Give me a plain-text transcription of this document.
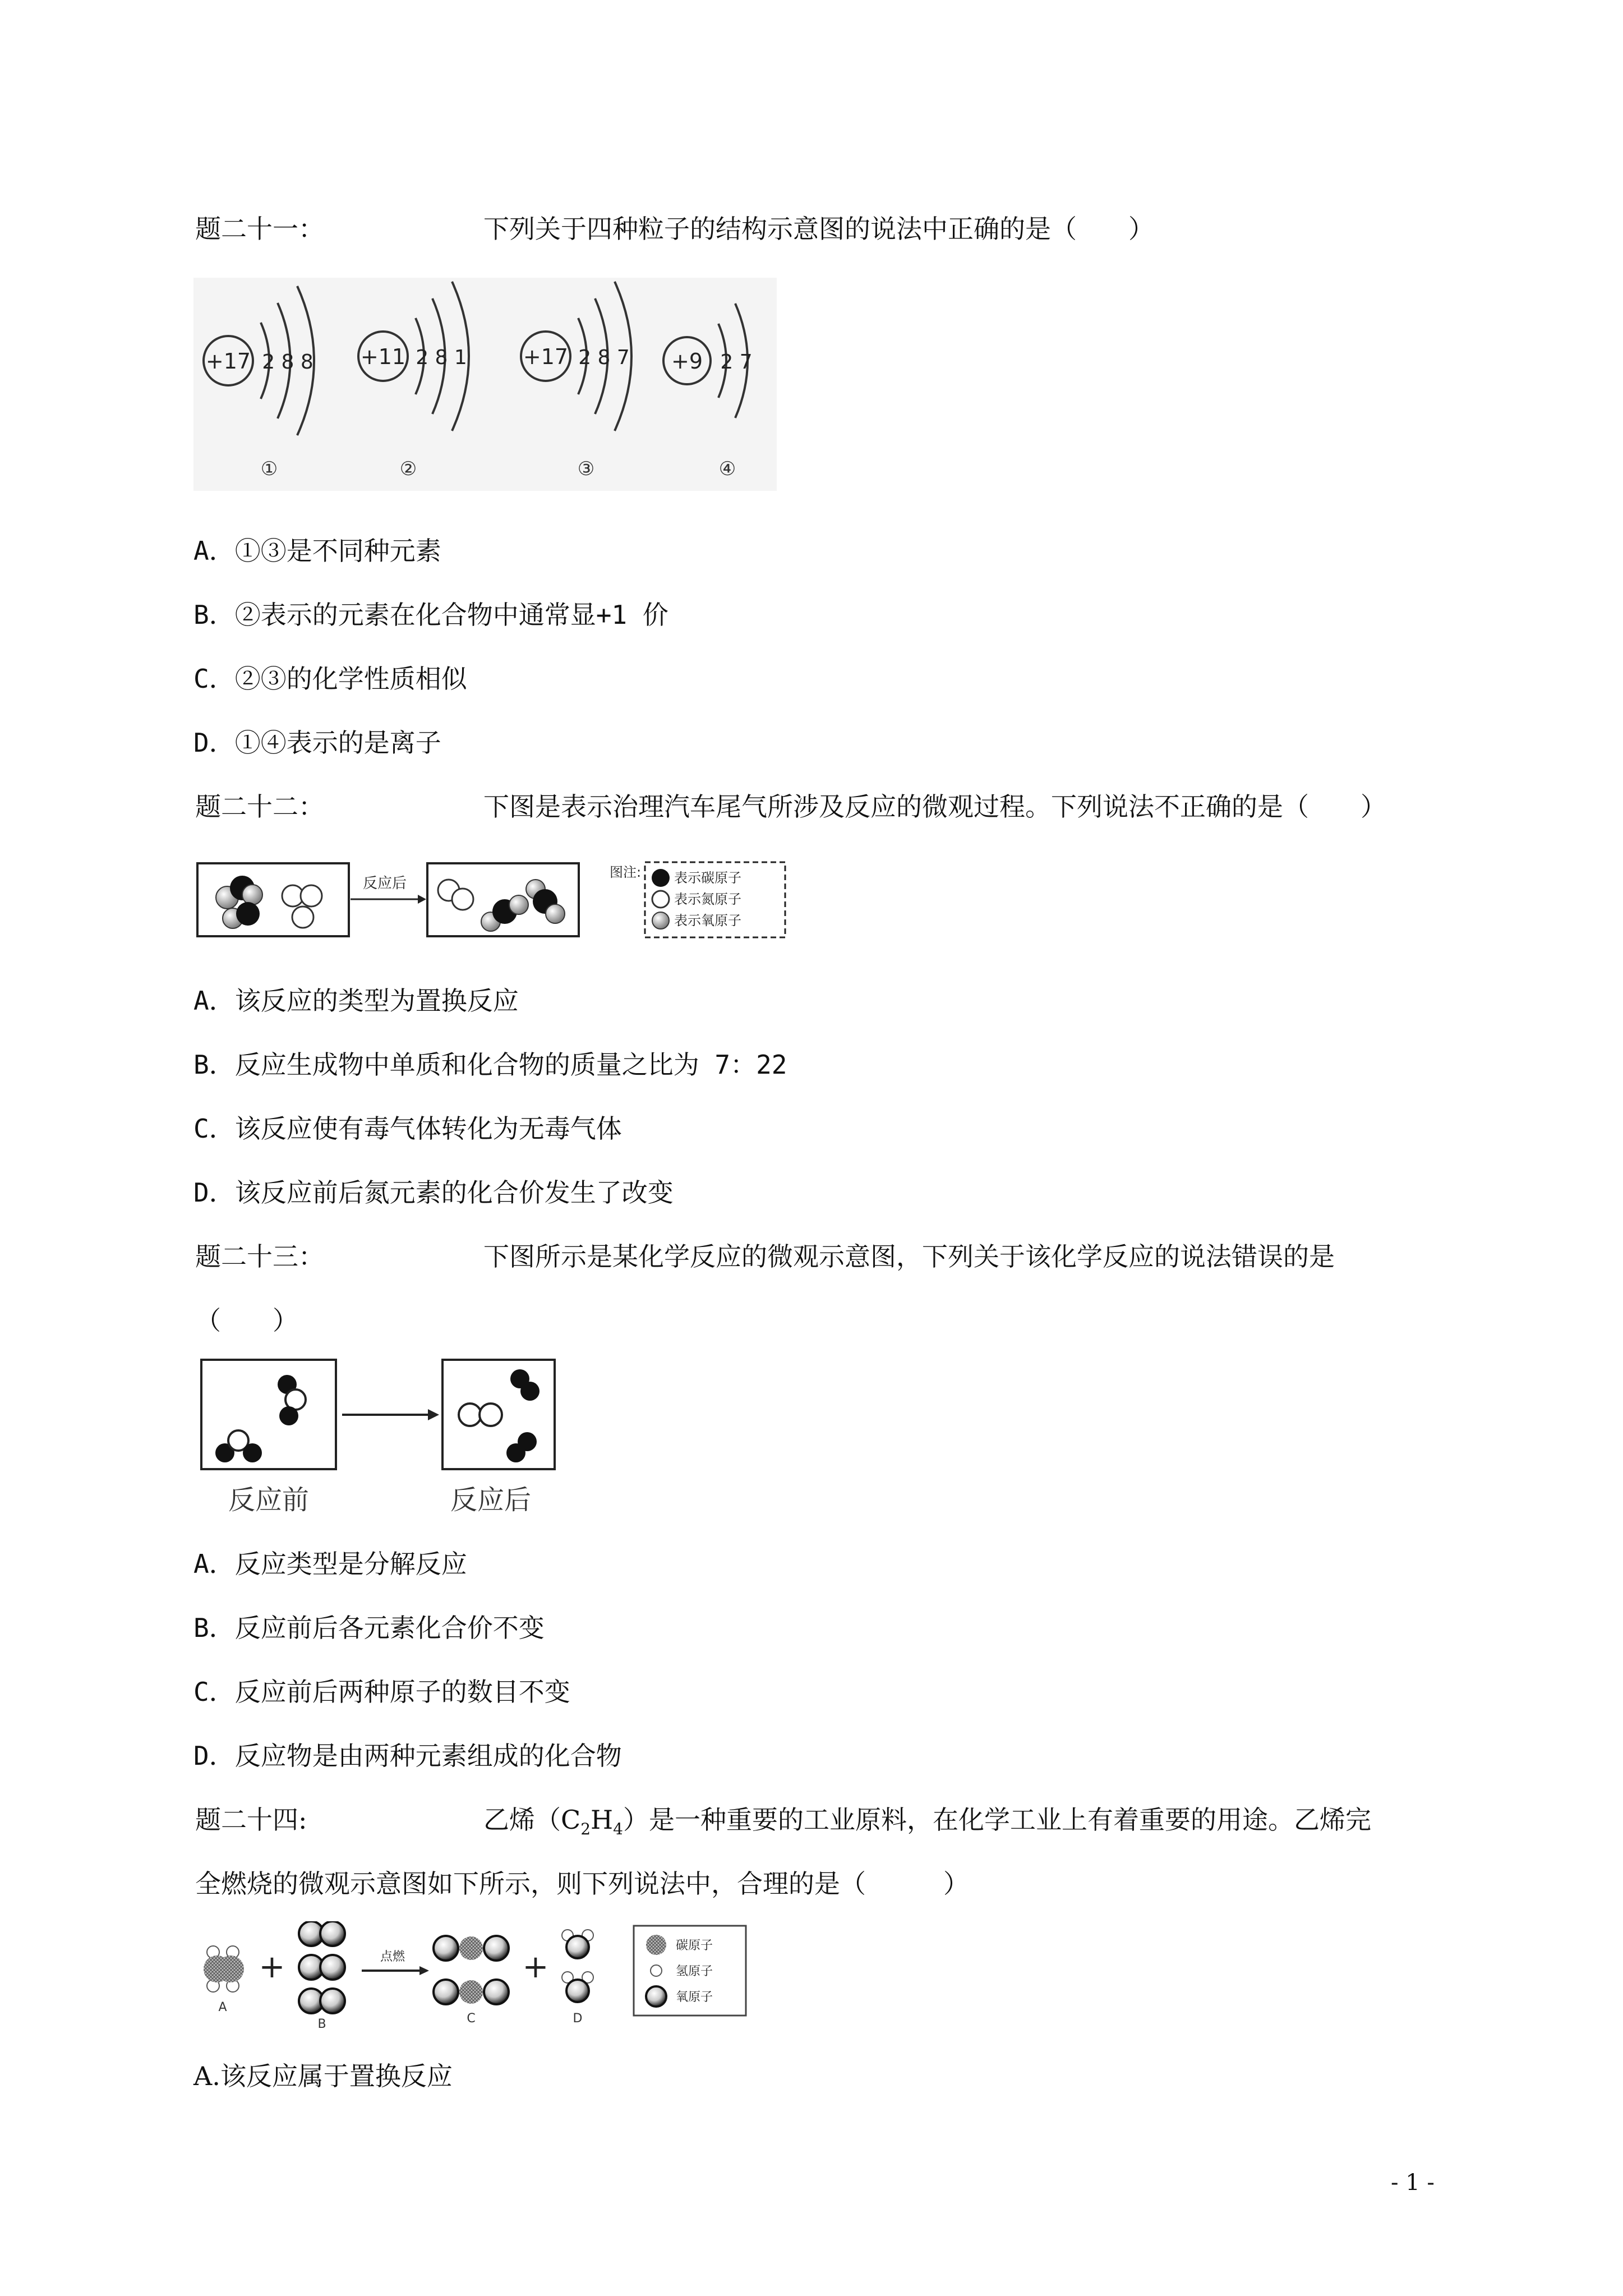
题二十一：	下列关于四种粒子的结构示意图的说法中正确的是（　　）
+17 2 8 8
①
+11 2 8 1
②
+17 2 8 7
③
+9 2 7
④
A．①③是不同种元素
B．②表示的元素在化合物中通常显+1 价
C．②③的化学性质相似
D．①④表示的是离子
题二十二：	下图是表示治理汽车尾气所涉及反应的微观过程。下列说法不正确的是（　　）
反应后
图注: 表示碳原子
表示氮原子
表示氧原子
A．该反应的类型为置换反应
B．反应生成物中单质和化合物的质量之比为 7：22
C．该反应使有毒气体转化为无毒气体
D．该反应前后氮元素的化合价发生了改变
题二十三：	下图所示是某化学反应的微观示意图，下列关于该化学反应的说法错误的是
（　　）
反应前	反应后
A．反应类型是分解反应
B．反应前后各元素化合价不变
C．反应前后两种原子的数目不变
D．反应物是由两种元素组成的化合物
题二十四:	乙烯$(C_2H_4)$是一种重要的工业原料，在化学工业上有着重要的用途。乙烯完
全燃烧的微观示意图如下所示，则下列说法中，合理的是（　　　）
A
+
B
点燃
C
+
D
碳原子
氢原子
氧原子
A.该反应属于置换反应
- 1 -
